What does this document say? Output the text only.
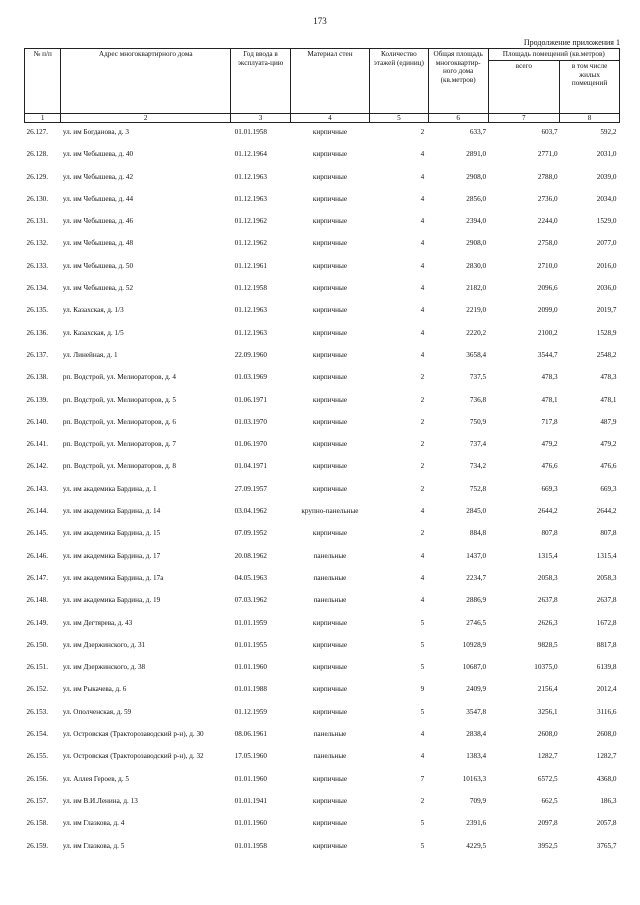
173
Продолжение приложения 1
№ п/п	Адрес многоквартирного дома	Год ввода в эксплуата-цию	Материал стен	Количество этажей (единиц)	Общая площадь многоквартир-ного дома (кв.метров)	Площадь помещений (кв.метров)	
						всего	в том числе жилых помещений
1	2	3	4	5	6	7	8
26.127.	ул. им Богданова, д. 3	01.01.1958	кирпичные	2	633,7	603,7	592,2
26.128.	ул. им Чебышева, д. 40	01.12.1964	кирпичные	4	2891,0	2771,0	2031,0
26.129.	ул. им Чебышева, д. 42	01.12.1963	кирпичные	4	2908,0	2788,0	2039,0
26.130.	ул. им Чебышева, д. 44	01.12.1963	кирпичные	4	2856,0	2736,0	2034,0
26.131.	ул. им Чебышева, д. 46	01.12.1962	кирпичные	4	2394,0	2244,0	1529,0
26.132.	ул. им Чебышева, д. 48	01.12.1962	кирпичные	4	2908,0	2758,0	2077,0
26.133.	ул. им Чебышева, д. 50	01.12.1961	кирпичные	4	2830,0	2710,0	2016,0
26.134.	ул. им Чебышева, д. 52	01.12.1958	кирпичные	4	2182,0	2096,6	2036,0
26.135.	ул. Казахская, д. 1/3	01.12.1963	кирпичные	4	2219,0	2099,0	2019,7
26.136.	ул. Казахская, д. 1/5	01.12.1963	кирпичные	4	2220,2	2100,2	1528,9
26.137.	ул. Линейная, д. 1	22.09.1960	кирпичные	4	3658,4	3544,7	2548,2
26.138.	рп. Водстрой, ул. Мелиораторов, д. 4	01.03.1969	кирпичные	2	737,5	478,3	478,3
26.139.	рп. Водстрой, ул. Мелиораторов, д. 5	01.06.1971	кирпичные	2	736,8	478,1	478,1
26.140.	рп. Водстрой, ул. Мелиораторов, д. 6	01.03.1970	кирпичные	2	750,9	717,8	487,9
26.141.	рп. Водстрой, ул. Мелиораторов, д. 7	01.06.1970	кирпичные	2	737,4	479,2	479,2
26.142.	рп. Водстрой, ул. Мелиораторов, д. 8	01.04.1971	кирпичные	2	734,2	476,6	476,6
26.143.	ул. им академика Бардина, д. 1	27.09.1957	кирпичные	2	752,8	669,3	669,3
26.144.	ул. им академика Бардина, д. 14	03.04.1962	крупно-панельные	4	2845,0	2644,2	2644,2
26.145.	ул. им академика Бардина, д. 15	07.09.1952	кирпичные	2	884,8	807,8	807,8
26.146.	ул. им академика Бардина, д. 17	20.08.1962	панельные	4	1437,0	1315,4	1315,4
26.147.	ул. им академика Бардина, д. 17а	04.05.1963	панельные	4	2234,7	2058,3	2058,3
26.148.	ул. им академика Бардина, д. 19	07.03.1962	панельные	4	2886,9	2637,8	2637,8
26.149.	ул. им Дегтярева, д. 43	01.01.1959	кирпичные	5	2746,5	2626,3	1672,8
26.150.	ул. им Дзержинского, д. 31	01.01.1955	кирпичные	5	10928,9	9828,5	8817,8
26.151.	ул. им Дзержинского, д. 38	01.01.1960	кирпичные	5	10687,0	10375,0	6139,8
26.152.	ул. им Рыкачева, д. 6	01.01.1988	кирпичные	9	2409,9	2156,4	2012,4
26.153.	ул. Ополченская, д. 59	01.12.1959	кирпичные	5	3547,8	3256,1	3116,6
26.154.	ул. Островская (Тракторозаводский р-н), д. 30	08.06.1961	панельные	4	2838,4	2608,0	2608,0
26.155.	ул. Островская (Тракторозаводский р-н), д. 32	17.05.1960	панельные	4	1383,4	1282,7	1282,7
26.156.	ул. Аллея Героев, д. 5	01.01.1960	кирпичные	7	10163,3	6572,5	4368,0
26.157.	ул. им В.И.Ленина, д. 13	01.01.1941	кирпичные	2	709,9	662,5	186,3
26.158.	ул. им Глазкова, д. 4	01.01.1960	кирпичные	5	2391,6	2097,8	2057,8
26.159.	ул. им Глазкова, д. 5	01.01.1958	кирпичные	5	4229,5	3952,5	3765,7
